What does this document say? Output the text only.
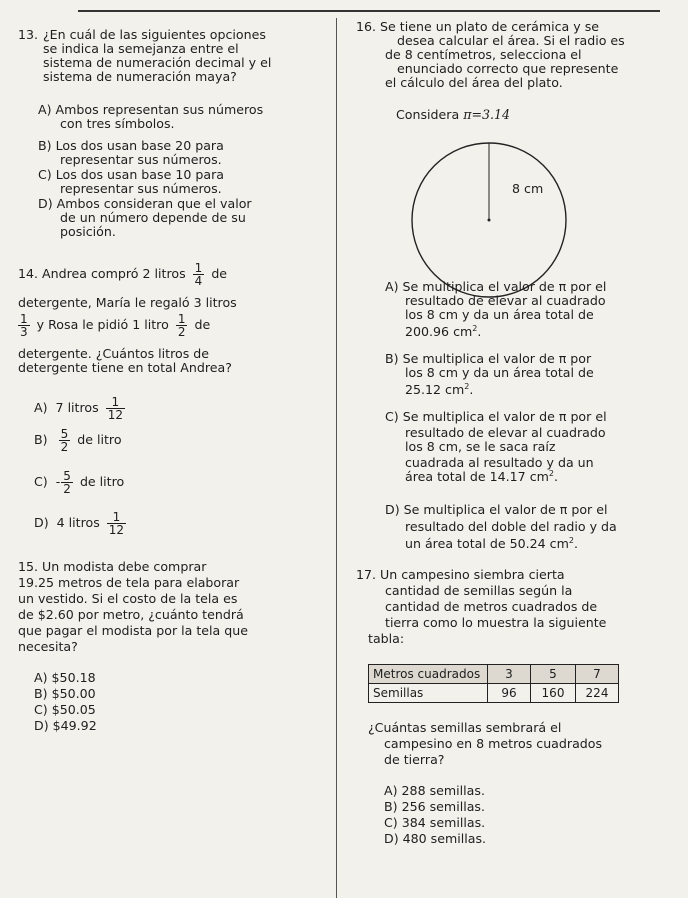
13. ¿En cuál de las siguientes opciones
se indica la semejanza entre el
sistema de numeración decimal y el
sistema de numeración maya?
A) Ambos representan sus números
con tres símbolos.
B) Los dos usan base 20 para
representar sus números.
C) Los dos usan base 10 para
representar sus números.
D) Ambos consideran que el valor
de un número depende de su
posición.
14. Andrea compró 2 litros $\frac{1}{4}$ de
detergente, María le regaló 3 litros
$\frac{1}{3}$ y Rosa le pidió 1 litro $\frac{1}{2}$ de
detergente. ¿Cuántos litros de
detergente tiene en total Andrea?
A) 7 litros $\frac{1}{12}$
$B) \frac{5}{2}$ de litro
$C) - \frac{5}{2}$ de litro
D) 4 litros $\frac{1}{12}$
15. Un modista debe comprar
19.25 metros de tela para elaborar
un vestido. Si el costo de la tela es
de $2.60 por metro, ¿cuánto tendrá
que pagar el modista por la tela que
necesita?
A) $50.18
B) $50.00
C) $50.05
D) $49.92
16. Se tiene un plato de cerámica y se
desea calcular el área. Si el radio es
de 8 centímetros, selecciona el
enunciado correcto que represente
el cálculo del área del plato.
Considera π=3.14
8 cm
A) Se multiplica el valor de π por el
resultado de elevar al cuadrado
los 8 cm y da un área total de
200.96 $cm^2$.
B) Se multiplica el valor de π por
los 8 cm y da un área total de
25.12 $cm^2$.
C) Se multiplica el valor de π por el
resultado de elevar al cuadrado
los 8 cm, se le saca raíz
cuadrada al resultado y da un
área total de 14.17 $cm^2$.
D) Se multiplica el valor de π por el
resultado del doble del radio y da
un área total de 50.24 $cm^2$.
17. Un campesino siembra cierta
cantidad de semillas según la
cantidad de metros cuadrados de
tierra como lo muestra la siguiente
tabla:
Metros cuadrados	3	5	7
Semillas	96	160	224
¿Cuántas semillas sembrará el
campesino en 8 metros cuadrados
de tierra?
A) 288 semillas.
B) 256 semillas.
C) 384 semillas.
D) 480 semillas.
